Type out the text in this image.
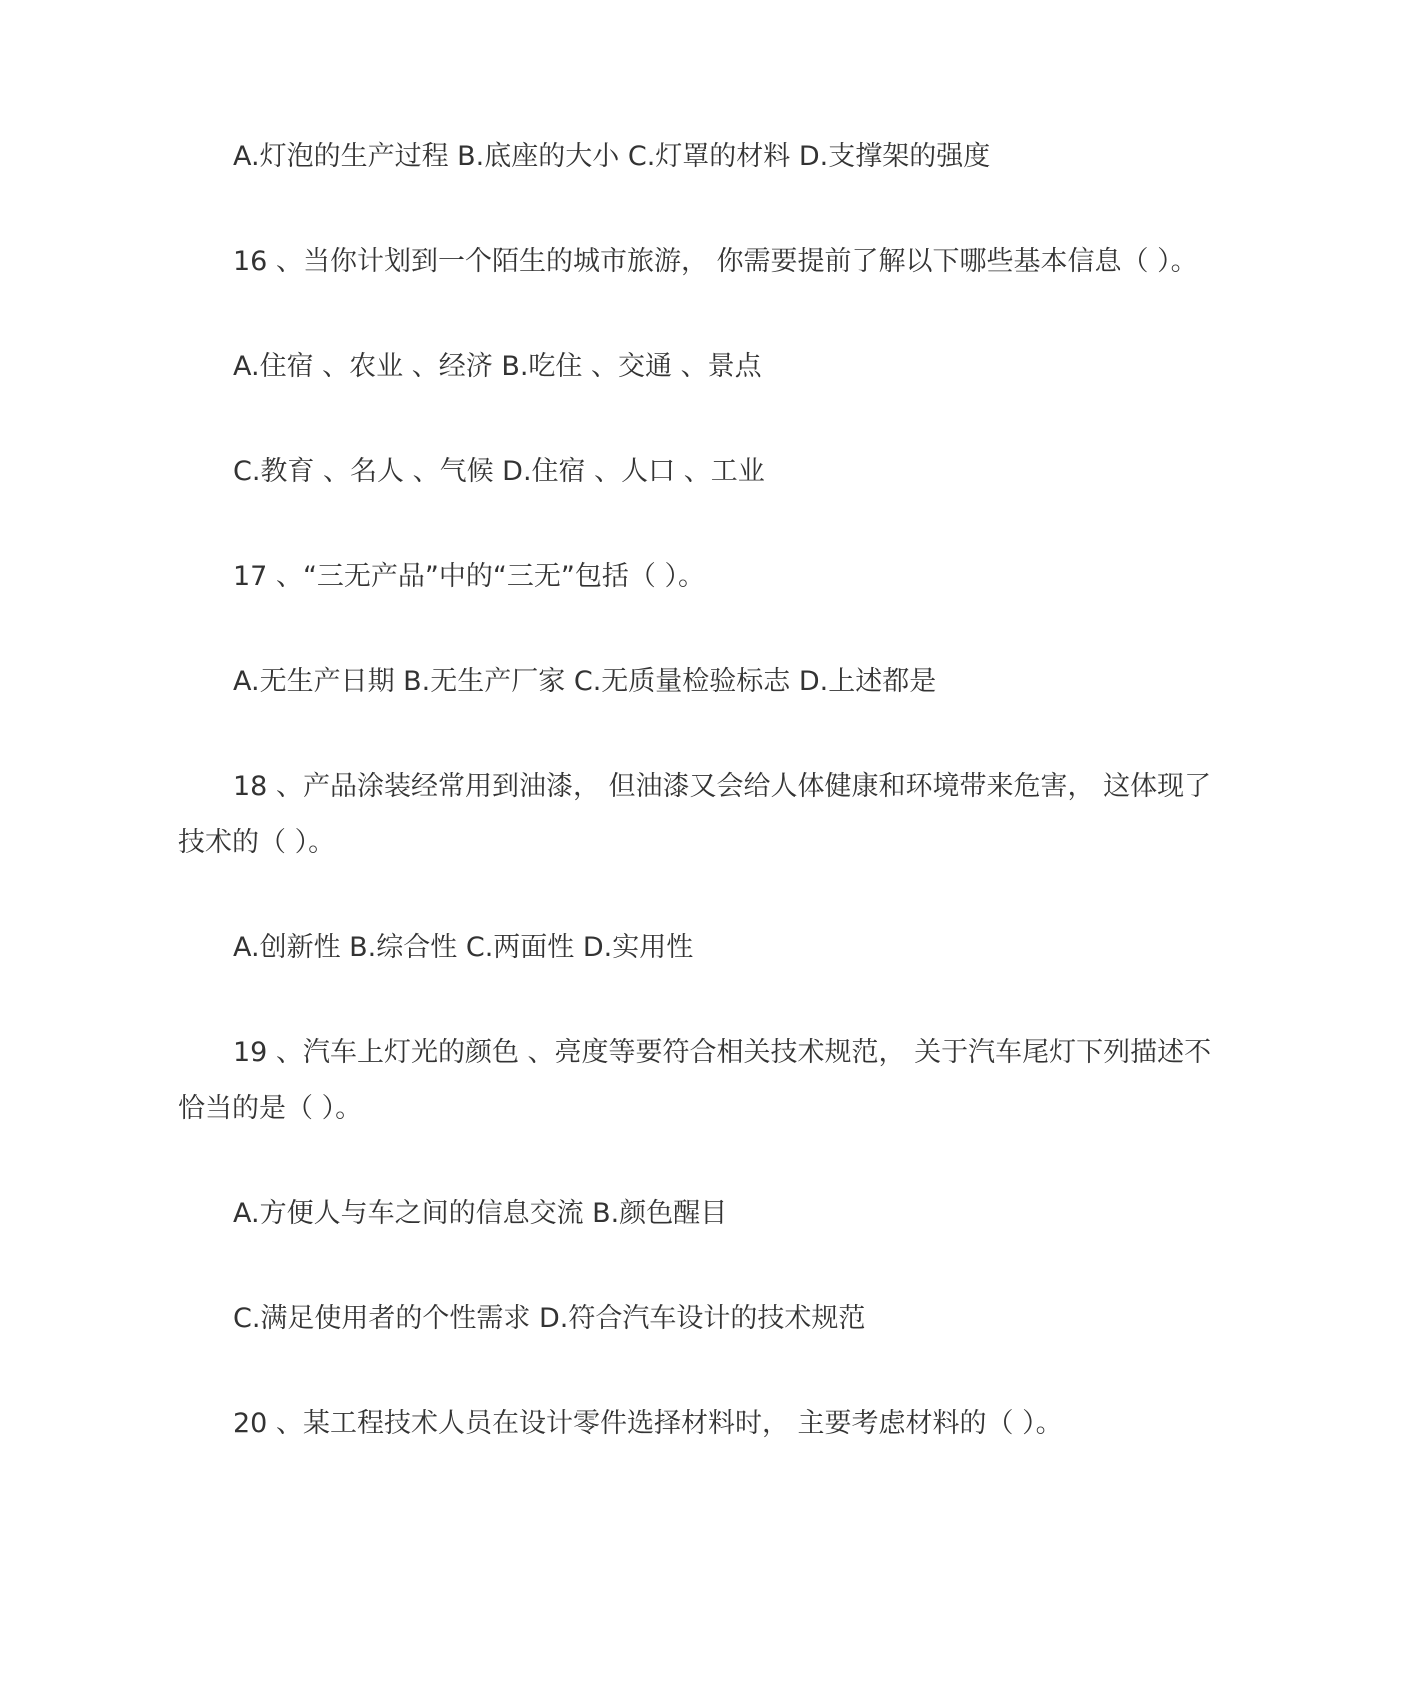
A.灯泡的生产过程 B.底座的大小 C.灯罩的材料 D.支撑架的强度
16 、当你计划到一个陌生的城市旅游， 你需要提前了解以下哪些基本信息（ ）。
A.住宿 、农业 、经济 B.吃住 、交通 、景点
C.教育 、名人 、气候 D.住宿 、人口 、工业
17 、“三无产品”中的“三无”包括（ ）。
A.无生产日期 B.无生产厂家 C.无质量检验标志 D.上述都是
18 、产品涂装经常用到油漆， 但油漆又会给人体健康和环境带来危害， 这体现了
技术的（ ）。
A.创新性 B.综合性 C.两面性 D.实用性
19 、汽车上灯光的颜色 、亮度等要符合相关技术规范， 关于汽车尾灯下列描述不
恰当的是（ ）。
A.方便人与车之间的信息交流 B.颜色醒目
C.满足使用者的个性需求 D.符合汽车设计的技术规范
20 、某工程技术人员在设计零件选择材料时， 主要考虑材料的（ ）。
